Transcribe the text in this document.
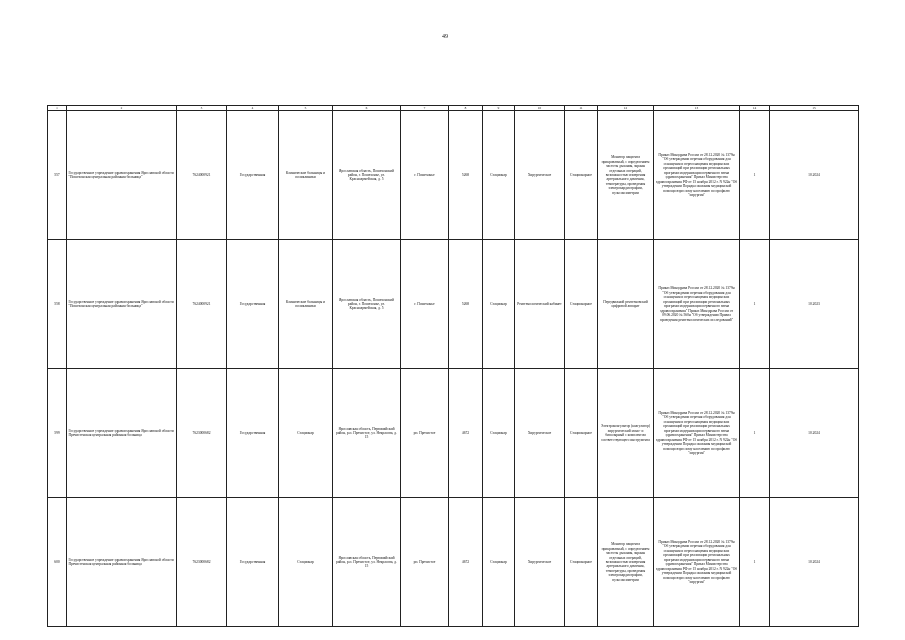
49
1	2	3	4	5	6	7	8	9	10	11	12	13	14	15
557	Государственное учреждение здравоохранения Ярославской области "Пошехонская центральная районная больница"	7624000921	Государственная	Клинические больницы и поликлиники	Ярославская область, Пошехонский район, г. Пошехонье, ул. Красноармейская, д. 5	г. Пошехонье	5268	Стационар	Хирургическое	Стационарное	Монитор пациента прикроватный, с определением частоты дыхания, экраны отдельных операций, возможностью измерения артериального давления, температуры, проведения электрокардиографии, пульсоксиметрии	Приказ Минздрава России от 28.12.2020 № 1379н "Об утверждении перечня оборудования для оснащения и переоснащения медицинских организаций при реализации региональных программ модернизации первичного звена здравоохранения" Приказ Министерства здравоохранения РФ от 15 ноября 2012 г. N 922н "Об утверждении Порядка оказания медицинской помощи взрослому населению по профилю "хирургия"	1	10.2024
558	Государственное учреждение здравоохранения Ярославской области "Пошехонская центральная районная больница"	7624000921	Государственная	Клинические больницы и поликлиники	Ярославская область, Пошехонский район, г. Пошехонье, ул. Красноармейская, д. 5	г. Пошехонье	5268	Стационар	Рентгенологический кабинет	Стационарное	Передвижной рентгеновский цифровой аппарат	Приказ Минздрава России от 28.12.2020 № 1379н "Об утверждении перечня оборудования для оснащения и переоснащения медицинских организаций при реализации региональных программ модернизации первичного звена здравоохранения" Приказ Минздрава России от 09.06.2020 № 560н "Об утверждении Правил проведения рентгенологических исследований"	1	10.2023
599	Государственное учреждение здравоохранения Ярославской области Пречистенская центральная районная больница	7623000682	Государственная	Стационар	Ярославская область, Первомайский район, р.п. Пречистое, ул. Некрасова, д. 15	рп. Пречистое	4672	Стационар	Хирургическое	Стационарное	Электрокоагулятор (коагулятор) хирургический моно- и биполярный с комплектом соответствующего инструмента	Приказ Минздрава России от 28.12.2020 № 1379н "Об утверждении перечня оборудования для оснащения и переоснащения медицинских организаций при реализации региональных программ модернизации первичного звена здравоохранения" Приказ Министерства здравоохранения РФ от 15 ноября 2012 г. N 922н "Об утверждении Порядка оказания медицинской помощи взрослому населению по профилю "хирургия"	1	10.2024
600	Государственное учреждение здравоохранения Ярославской области Пречистенская центральная районная больница	7623000682	Государственная	Стационар	Ярославская область, Первомайский район, р.п. Пречистое, ул. Некрасова, д. 15	рп. Пречистое	4672	Стационар	Хирургическое	Стационарное	Монитор пациента прикроватный, с определением частоты дыхания, экраны отдельных операций, возможностью измерения артериального давления, температуры, проведения электрокардиографии, пульсоксиметрии	Приказ Минздрава России от 28.12.2020 № 1379н "Об утверждении перечня оборудования для оснащения и переоснащения медицинских организаций при реализации региональных программ модернизации первичного звена здравоохранения" Приказ Министерства здравоохранения РФ от 15 ноября 2012 г. N 922н "Об утверждении Порядка оказания медицинской помощи взрослому населению по профилю "хирургия"	1	10.2024
